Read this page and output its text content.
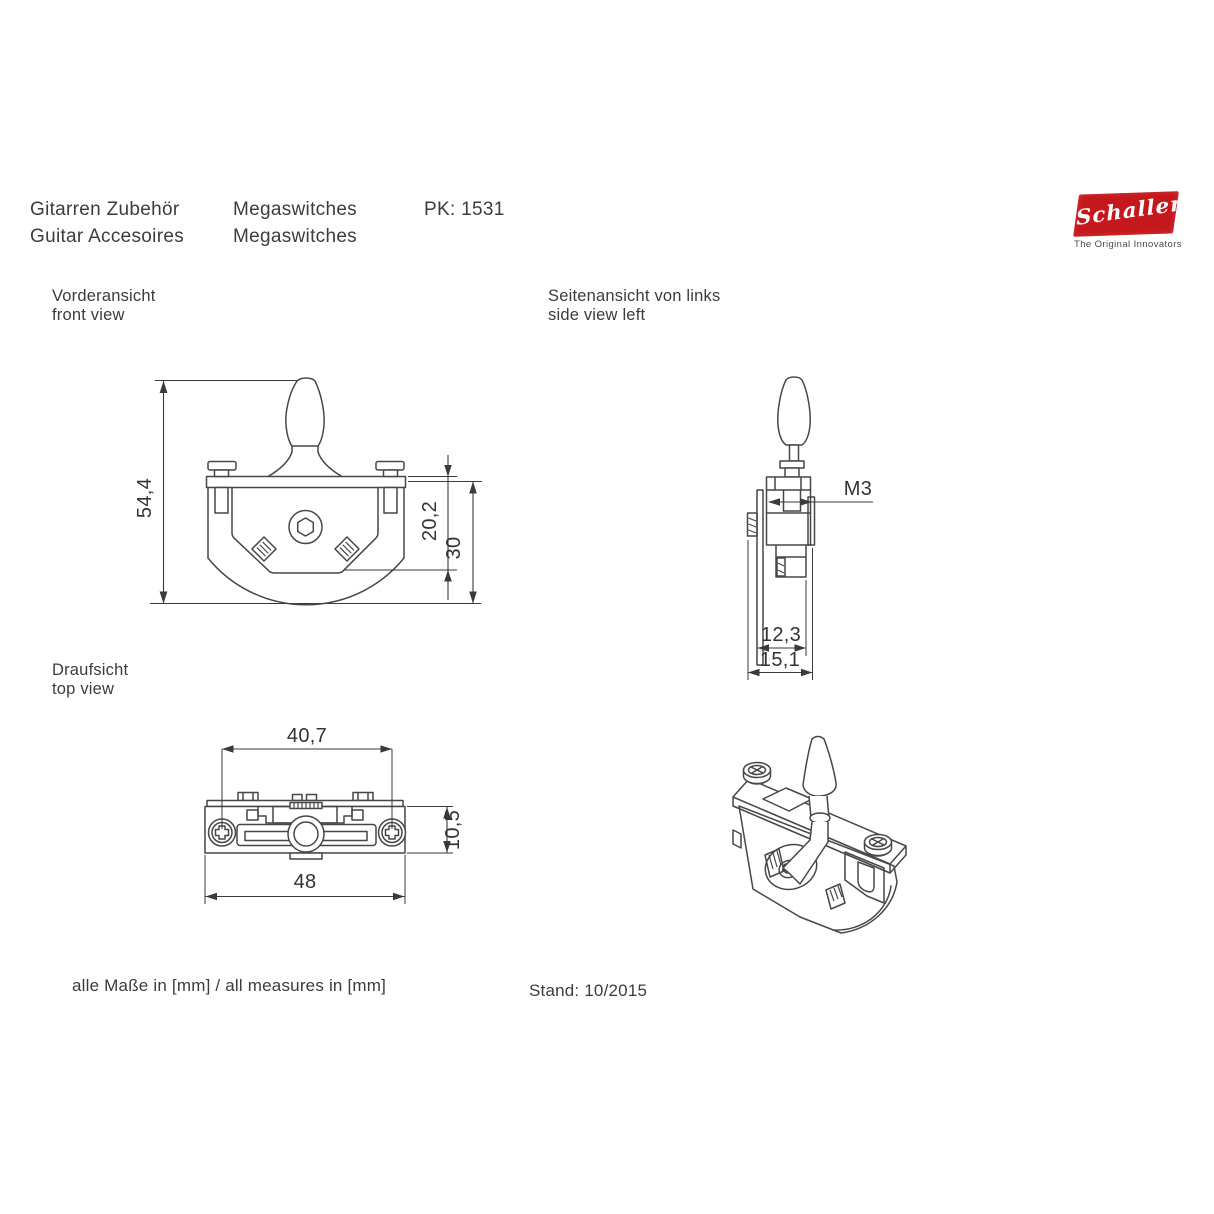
Gitarren Zubehör
Guitar Accesoires
Megaswitches
Megaswitches
PK: 1531	Schaller
The Original Innovators
Vorderansicht
front view
Seitenansicht von links
side view left
Draufsicht
top view
54,4
20,2
30
M3
12,3
15,1
40,7
10,5
48
alle Maße in [mm] / all measures in [mm]	Stand: 10/2015
